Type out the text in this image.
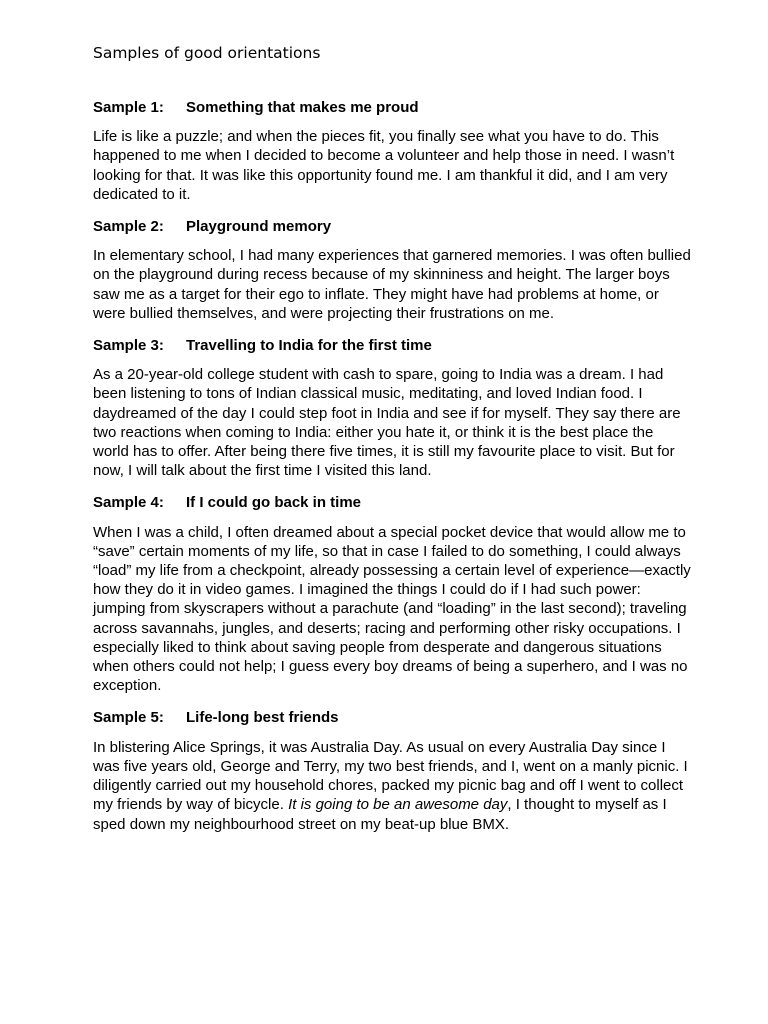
Samples of good orientations
Sample 1: Something that makes me proud

Life is like a puzzle; and when the pieces fit, you finally see what you have to do. This happened to me when I decided to become a volunteer and help those in need. I wasn’t looking for that. It was like this opportunity found me. I am thankful it did, and I am very dedicated to it.

Sample 2: Playground memory

In elementary school, I had many experiences that garnered memories. I was often bullied on the playground during recess because of my skinniness and height. The larger boys saw me as a target for their ego to inflate. They might have had problems at home, or were bullied themselves, and were projecting their frustrations on me.

Sample 3: Travelling to India for the first time

As a 20-year-old college student with cash to spare, going to India was a dream. I had been listening to tons of Indian classical music, meditating, and loved Indian food. I daydreamed of the day I could step foot in India and see if for myself. They say there are two reactions when coming to India: either you hate it, or think it is the best place the world has to offer. After being there five times, it is still my favourite place to visit. But for now, I will talk about the first time I visited this land.

Sample 4: If I could go back in time

When I was a child, I often dreamed about a special pocket device that would allow me to “save” certain moments of my life, so that in case I failed to do something, I could always “load” my life from a checkpoint, already possessing a certain level of experience—exactly how they do it in video games. I imagined the things I could do if I had such power: jumping from skyscrapers without a parachute (and “loading” in the last second); traveling across savannahs, jungles, and deserts; racing and performing other risky occupations. I especially liked to think about saving people from desperate and dangerous situations when others could not help; I guess every boy dreams of being a superhero, and I was no exception.

Sample 5: Life-long best friends

In blistering Alice Springs, it was Australia Day. As usual on every Australia Day since I was five years old, George and Terry, my two best friends, and I, went on a manly picnic. I diligently carried out my household chores, packed my picnic bag and off I went to collect my friends by way of bicycle. It is going to be an awesome day, I thought to myself as I sped down my neighbourhood street on my beat-up blue BMX.
